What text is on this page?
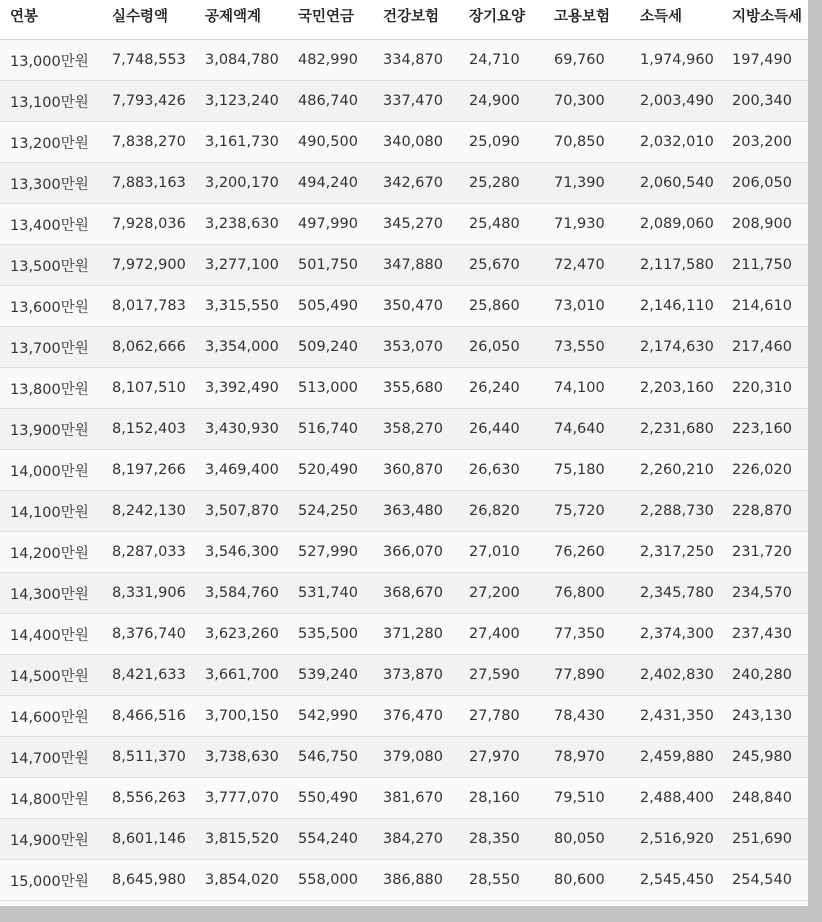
연봉	실수령액	공제액계	국민연금	건강보험	장기요양	고용보험	소득세	지방소득세
13,000만원	7,748,553	3,084,780	482,990	334,870	24,710	69,760	1,974,960	197,490
13,100만원	7,793,426	3,123,240	486,740	337,470	24,900	70,300	2,003,490	200,340
13,200만원	7,838,270	3,161,730	490,500	340,080	25,090	70,850	2,032,010	203,200
13,300만원	7,883,163	3,200,170	494,240	342,670	25,280	71,390	2,060,540	206,050
13,400만원	7,928,036	3,238,630	497,990	345,270	25,480	71,930	2,089,060	208,900
13,500만원	7,972,900	3,277,100	501,750	347,880	25,670	72,470	2,117,580	211,750
13,600만원	8,017,783	3,315,550	505,490	350,470	25,860	73,010	2,146,110	214,610
13,700만원	8,062,666	3,354,000	509,240	353,070	26,050	73,550	2,174,630	217,460
13,800만원	8,107,510	3,392,490	513,000	355,680	26,240	74,100	2,203,160	220,310
13,900만원	8,152,403	3,430,930	516,740	358,270	26,440	74,640	2,231,680	223,160
14,000만원	8,197,266	3,469,400	520,490	360,870	26,630	75,180	2,260,210	226,020
14,100만원	8,242,130	3,507,870	524,250	363,480	26,820	75,720	2,288,730	228,870
14,200만원	8,287,033	3,546,300	527,990	366,070	27,010	76,260	2,317,250	231,720
14,300만원	8,331,906	3,584,760	531,740	368,670	27,200	76,800	2,345,780	234,570
14,400만원	8,376,740	3,623,260	535,500	371,280	27,400	77,350	2,374,300	237,430
14,500만원	8,421,633	3,661,700	539,240	373,870	27,590	77,890	2,402,830	240,280
14,600만원	8,466,516	3,700,150	542,990	376,470	27,780	78,430	2,431,350	243,130
14,700만원	8,511,370	3,738,630	546,750	379,080	27,970	78,970	2,459,880	245,980
14,800만원	8,556,263	3,777,070	550,490	381,670	28,160	79,510	2,488,400	248,840
14,900만원	8,601,146	3,815,520	554,240	384,270	28,350	80,050	2,516,920	251,690
15,000만원	8,645,980	3,854,020	558,000	386,880	28,550	80,600	2,545,450	254,540
